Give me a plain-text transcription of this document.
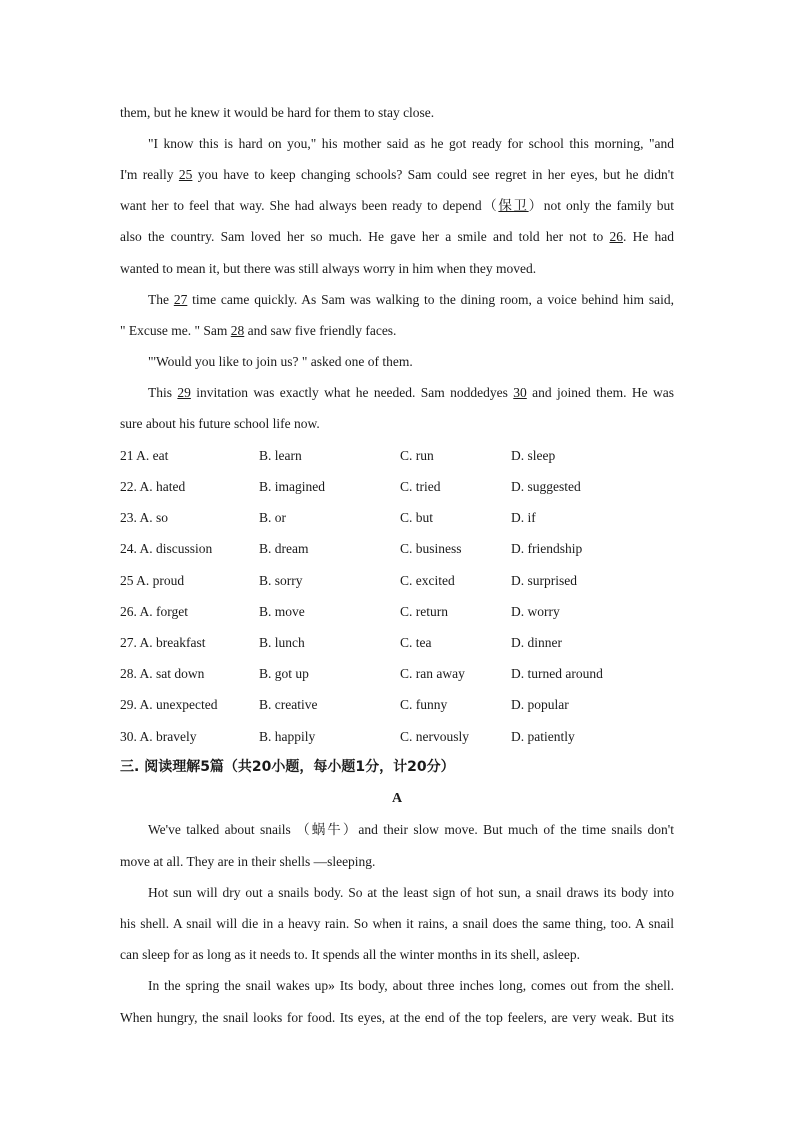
them, but he knew it would be hard for them to stay close.
"I know this is hard on you," his mother said as he got ready for school this morning, "and
I'm really 25 you have to keep changing schools? Sam could see regret in her eyes, but he didn't
want her to feel that way. She had always been ready to depend（保卫）not only the family but
also the country. Sam loved her so much. He gave her a smile and told her not to 26. He had
wanted to mean it, but there was still always worry in him when they moved.
The 27 time came quickly. As Sam was walking to the dining room, a voice behind him said,
" Excuse me. " Sam 28 and saw five friendly faces.
"'Would you like to join us? " asked one of them.
This 29 invitation was exactly what he needed. Sam noddedyes 30 and joined them. He was
sure about his future school life now.
21 A. eat	B. learn	C. run	D. sleep
22. A. hated	B. imagined	C. tried	D. suggested
23. A. so	B. or	C. but	D. if
24. A. discussion	B. dream	C. business	D. friendship
25 A. proud	B. sorry	C. excited	D. surprised
26. A. forget	B. move	C. return	D. worry
27. A. breakfast	B. lunch	C. tea	D. dinner
28. A. sat down	B. got up	C. ran away	D. turned around
29. A. unexpected	B. creative	C. funny	D. popular
30. A. bravely	B. happily	C. nervously	D. patiently
三. 阅读理解5篇（共20小题，每小题1分，计20分）
A
We've talked about snails （蜗牛）and their slow move. But much of the time snails don't
move at all. They are in their shells —sleeping.
Hot sun will dry out a snails body. So at the least sign of hot sun, a snail draws its body into
his shell. A snail will die in a heavy rain. So when it rains, a snail does the same thing, too. A snail
can sleep for as long as it needs to. It spends all the winter months in its shell, asleep.
In the spring the snail wakes up» Its body, about three inches long, comes out from the shell.
When hungry, the snail looks for food. Its eyes, at the end of the top feelers, are very weak. But its
